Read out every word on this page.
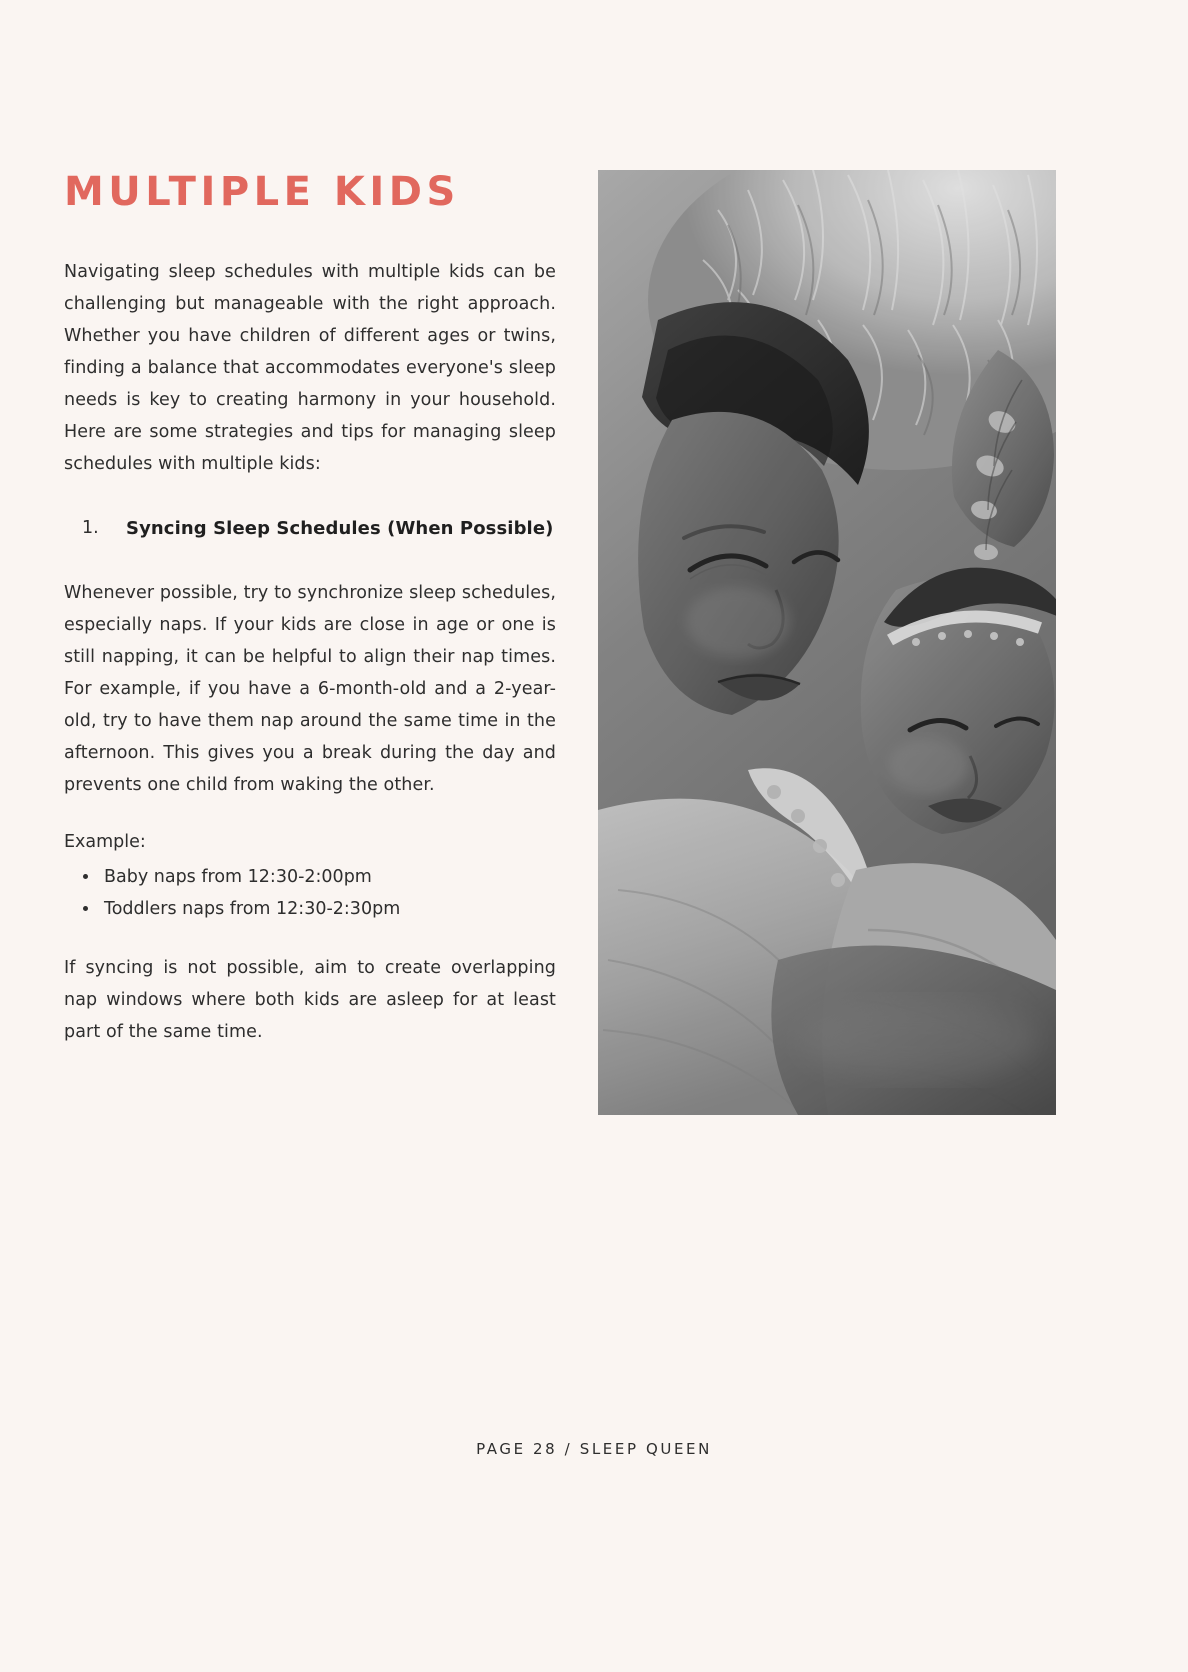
MULTIPLE KIDS

Navigating sleep schedules with multiple kids can be challenging but manageable with the right approach. Whether you have children of different ages or twins, finding a balance that accommodates everyone's sleep needs is key to creating harmony in your household. Here are some strategies and tips for managing sleep schedules with multiple kids:

1.	Syncing Sleep Schedules (When Possible)

Whenever possible, try to synchronize sleep schedules, especially naps. If your kids are close in age or one is still napping, it can be helpful to align their nap times. For example, if you have a 6-month-old and a 2-year-old, try to have them nap around the same time in the afternoon. This gives you a break during the day and prevents one child from waking the other.

Example:

• Baby naps from 12:30-2:00pm
• Toddlers naps from 12:30-2:30pm

If syncing is not possible, aim to create overlapping nap windows where both kids are asleep for at least part of the same time.

PAGE 28 / SLEEP QUEEN
